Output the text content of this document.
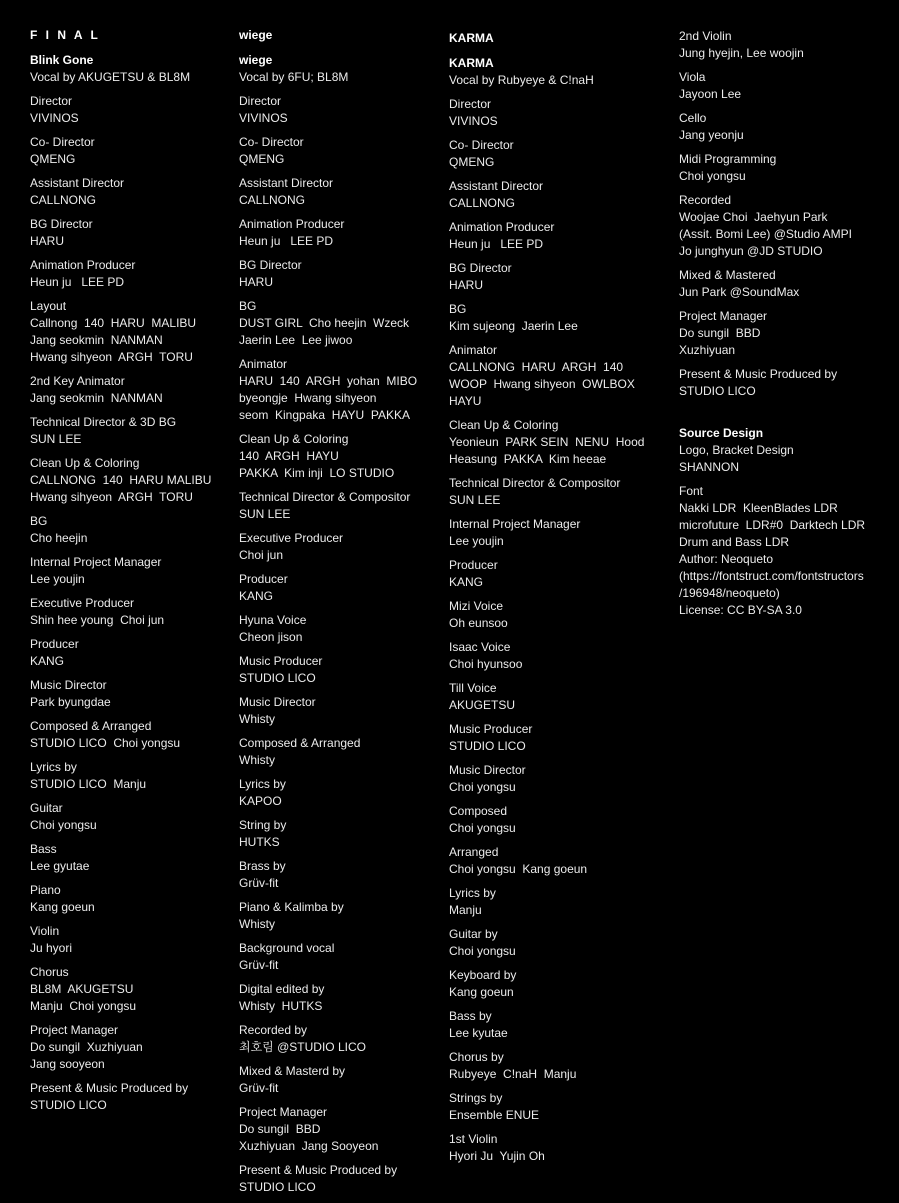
F I N A L
Blink Gone
Vocal by AKUGETSU & BL8M
Director
VIVINOS
Co- Director
QMENG
Assistant Director
CALLNONG
BG Director
HARU
Animation Producer
Heun ju   LEE PD
Layout
Callnong  140  HARU  MALIBU
Jang seokmin  NANMAN
Hwang sihyeon  ARGH  TORU
2nd Key Animator
Jang seokmin  NANMAN
Technical Director & 3D BG
SUN LEE
Clean Up & Coloring
CALLNONG  140  HARU MALIBU
Hwang sihyeon  ARGH  TORU
BG
Cho heejin
Internal Project Manager
Lee youjin
Executive Producer
Shin hee young  Choi jun
Producer
KANG
Music Director
Park byungdae
Composed & Arranged
STUDIO LICO  Choi yongsu
Lyrics by
STUDIO LICO  Manju
Guitar
Choi yongsu
Bass
Lee gyutae
Piano
Kang goeun
Violin
Ju hyori
Chorus
BL8M  AKUGETSU
Manju  Choi yongsu
Project Manager
Do sungil  Xuzhiyuan
Jang sooyeon
Present & Music Produced by
STUDIO LICO
wiege
wiege
Vocal by 6FU; BL8M
Director
VIVINOS
Co- Director
QMENG
Assistant Director
CALLNONG
Animation Producer
Heun ju   LEE PD
BG Director
HARU
BG
DUST GIRL  Cho heejin  Wzeck
Jaerin Lee  Lee jiwoo
Animator
HARU  140  ARGH  yohan  MIBO
byeongje  Hwang sihyeon
seom  Kingpaka  HAYU  PAKKA
Clean Up & Coloring
140  ARGH  HAYU
PAKKA  Kim inji  LO STUDIO
Technical Director & Compositor
SUN LEE
Executive Producer
Choi jun
Producer
KANG
Hyuna Voice
Cheon jison
Music Producer
STUDIO LICO
Music Director
Whisty
Composed & Arranged
Whisty
Lyrics by
KAPOO
String by
HUTKS
Brass by
Grüv-fit
Piano & Kalimba by
Whisty
Background vocal
Grüv-fit
Digital edited by
Whisty  HUTKS
Recorded by
최호림 @STUDIO LICO
Mixed & Masterd by
Grüv-fit
Project Manager
Do sungil  BBD
Xuzhiyuan  Jang Sooyeon
Present & Music Produced by
STUDIO LICO
KARMA
KARMA
Vocal by Rubyeye & C!naH
Director
VIVINOS
Co- Director
QMENG
Assistant Director
CALLNONG
Animation Producer
Heun ju   LEE PD
BG Director
HARU
BG
Kim sujeong  Jaerin Lee
Animator
CALLNONG  HARU  ARGH  140
WOOP  Hwang sihyeon  OWLBOX
HAYU
Clean Up & Coloring
Yeonieun  PARK SEIN  NENU  Hood
Heasung  PAKKA  Kim heeae
Technical Director & Compositor
SUN LEE
Internal Project Manager
Lee youjin
Producer
KANG
Mizi Voice
Oh eunsoo
Isaac Voice
Choi hyunsoo
Till Voice
AKUGETSU
Music Producer
STUDIO LICO
Music Director
Choi yongsu
Composed
Choi yongsu
Arranged
Choi yongsu  Kang goeun
Lyrics by
Manju
Guitar by
Choi yongsu
Keyboard by
Kang goeun
Bass by
Lee kyutae
Chorus by
Rubyeye  C!naH  Manju
Strings by
Ensemble ENUE
1st Violin
Hyori Ju  Yujin Oh
2nd Violin
Jung hyejin, Lee woojin
Viola
Jayoon Lee
Cello
Jang yeonju
Midi Programming
Choi yongsu
Recorded
Woojae Choi  Jaehyun Park
(Assit. Bomi Lee) @Studio AMPI
Jo junghyun @JD STUDIO
Mixed & Mastered
Jun Park @SoundMax
Project Manager
Do sungil  BBD
Xuzhiyuan
Present & Music Produced by
STUDIO LICO
Source Design
Logo, Bracket Design
SHANNON
Font
Nakki LDR  KleenBlades LDR
microfuture  LDR#0  Darktech LDR
Drum and Bass LDR
Author: Neoqueto
(https://fontstruct.com/fontstructors
/196948/neoqueto)
License: CC BY-SA 3.0
